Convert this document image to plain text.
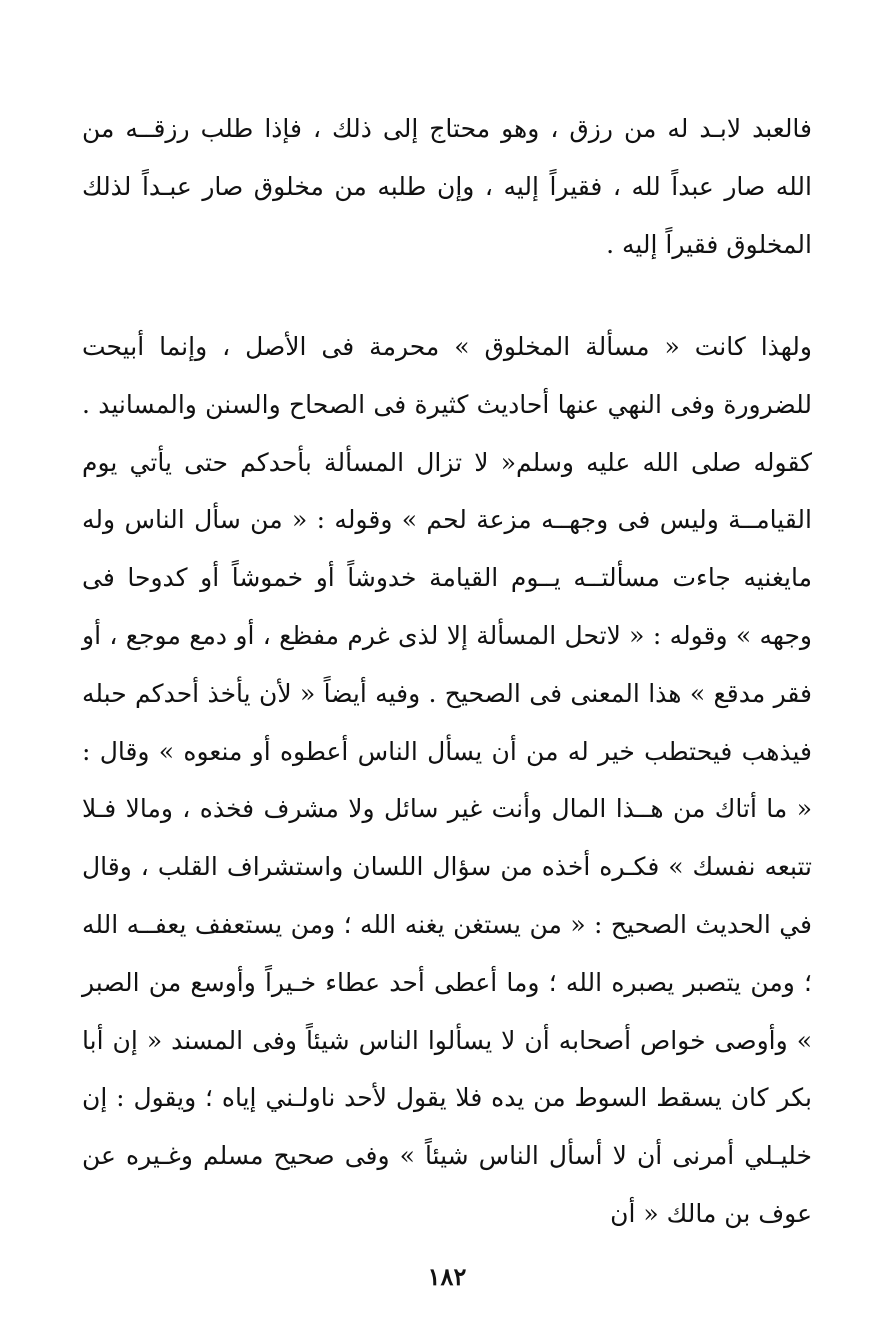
فالعبد لابـد له من رزق ، وهو محتاج إلى ذلك ، فإذا طلب رزقــه من الله صار عبداً لله ، فقيراً إليه ، وإن طلبه من مخلوق صار عبـداً لذلك المخلوق فقيراً إليه .

ولهذا كانت « مسألة المخلوق » محرمة فى الأصل ، وإنما أبيحت للضرورة وفى النهي عنها أحاديث كثيرة فى الصحاح والسنن والمسانيد . كقوله صلى الله عليه وسلم« لا تزال المسألة بأحدكم حتى يأتي يوم القيامــة وليس فى وجهــه مزعة لحم » وقوله : « من سأل الناس وله مايغنيه جاءت مسألتــه يــوم القيامة خدوشاً أو خموشاً أو كدوحا فى وجهه » وقوله : « لاتحل المسألة إلا لذى غرم مفظع ، أو دمع موجع ، أو فقر مدقع » هذا المعنى فى الصحيح . وفيه أيضاً « لأن يأخذ أحدكم حبله فيذهب فيحتطب خير له من أن يسأل الناس أعطوه أو منعوه » وقال : « ما أتاك من هــذا المال وأنت غير سائل ولا مشرف فخذه ، ومالا فـلا تتبعه نفسك » فكـره أخذه من سؤال اللسان واستشراف القلب ، وقال في الحديث الصحيح : « من يستغن يغنه الله ؛ ومن يستعفف يعفــه الله ؛ ومن يتصبر يصبره الله ؛ وما أعطى أحد عطاء خـيراً وأوسع من الصبر » وأوصى خواص أصحابه أن لا يسألوا الناس شيئاً وفى المسند « إن أبا بكر كان يسقط السوط من يده فلا يقول لأحد ناولـني إياه ؛ ويقول : إن خليـلي أمرنى أن لا أسأل الناس شيئاً » وفى صحيح مسلم وغـيره عن عوف بن مالك « أن

١٨٢
